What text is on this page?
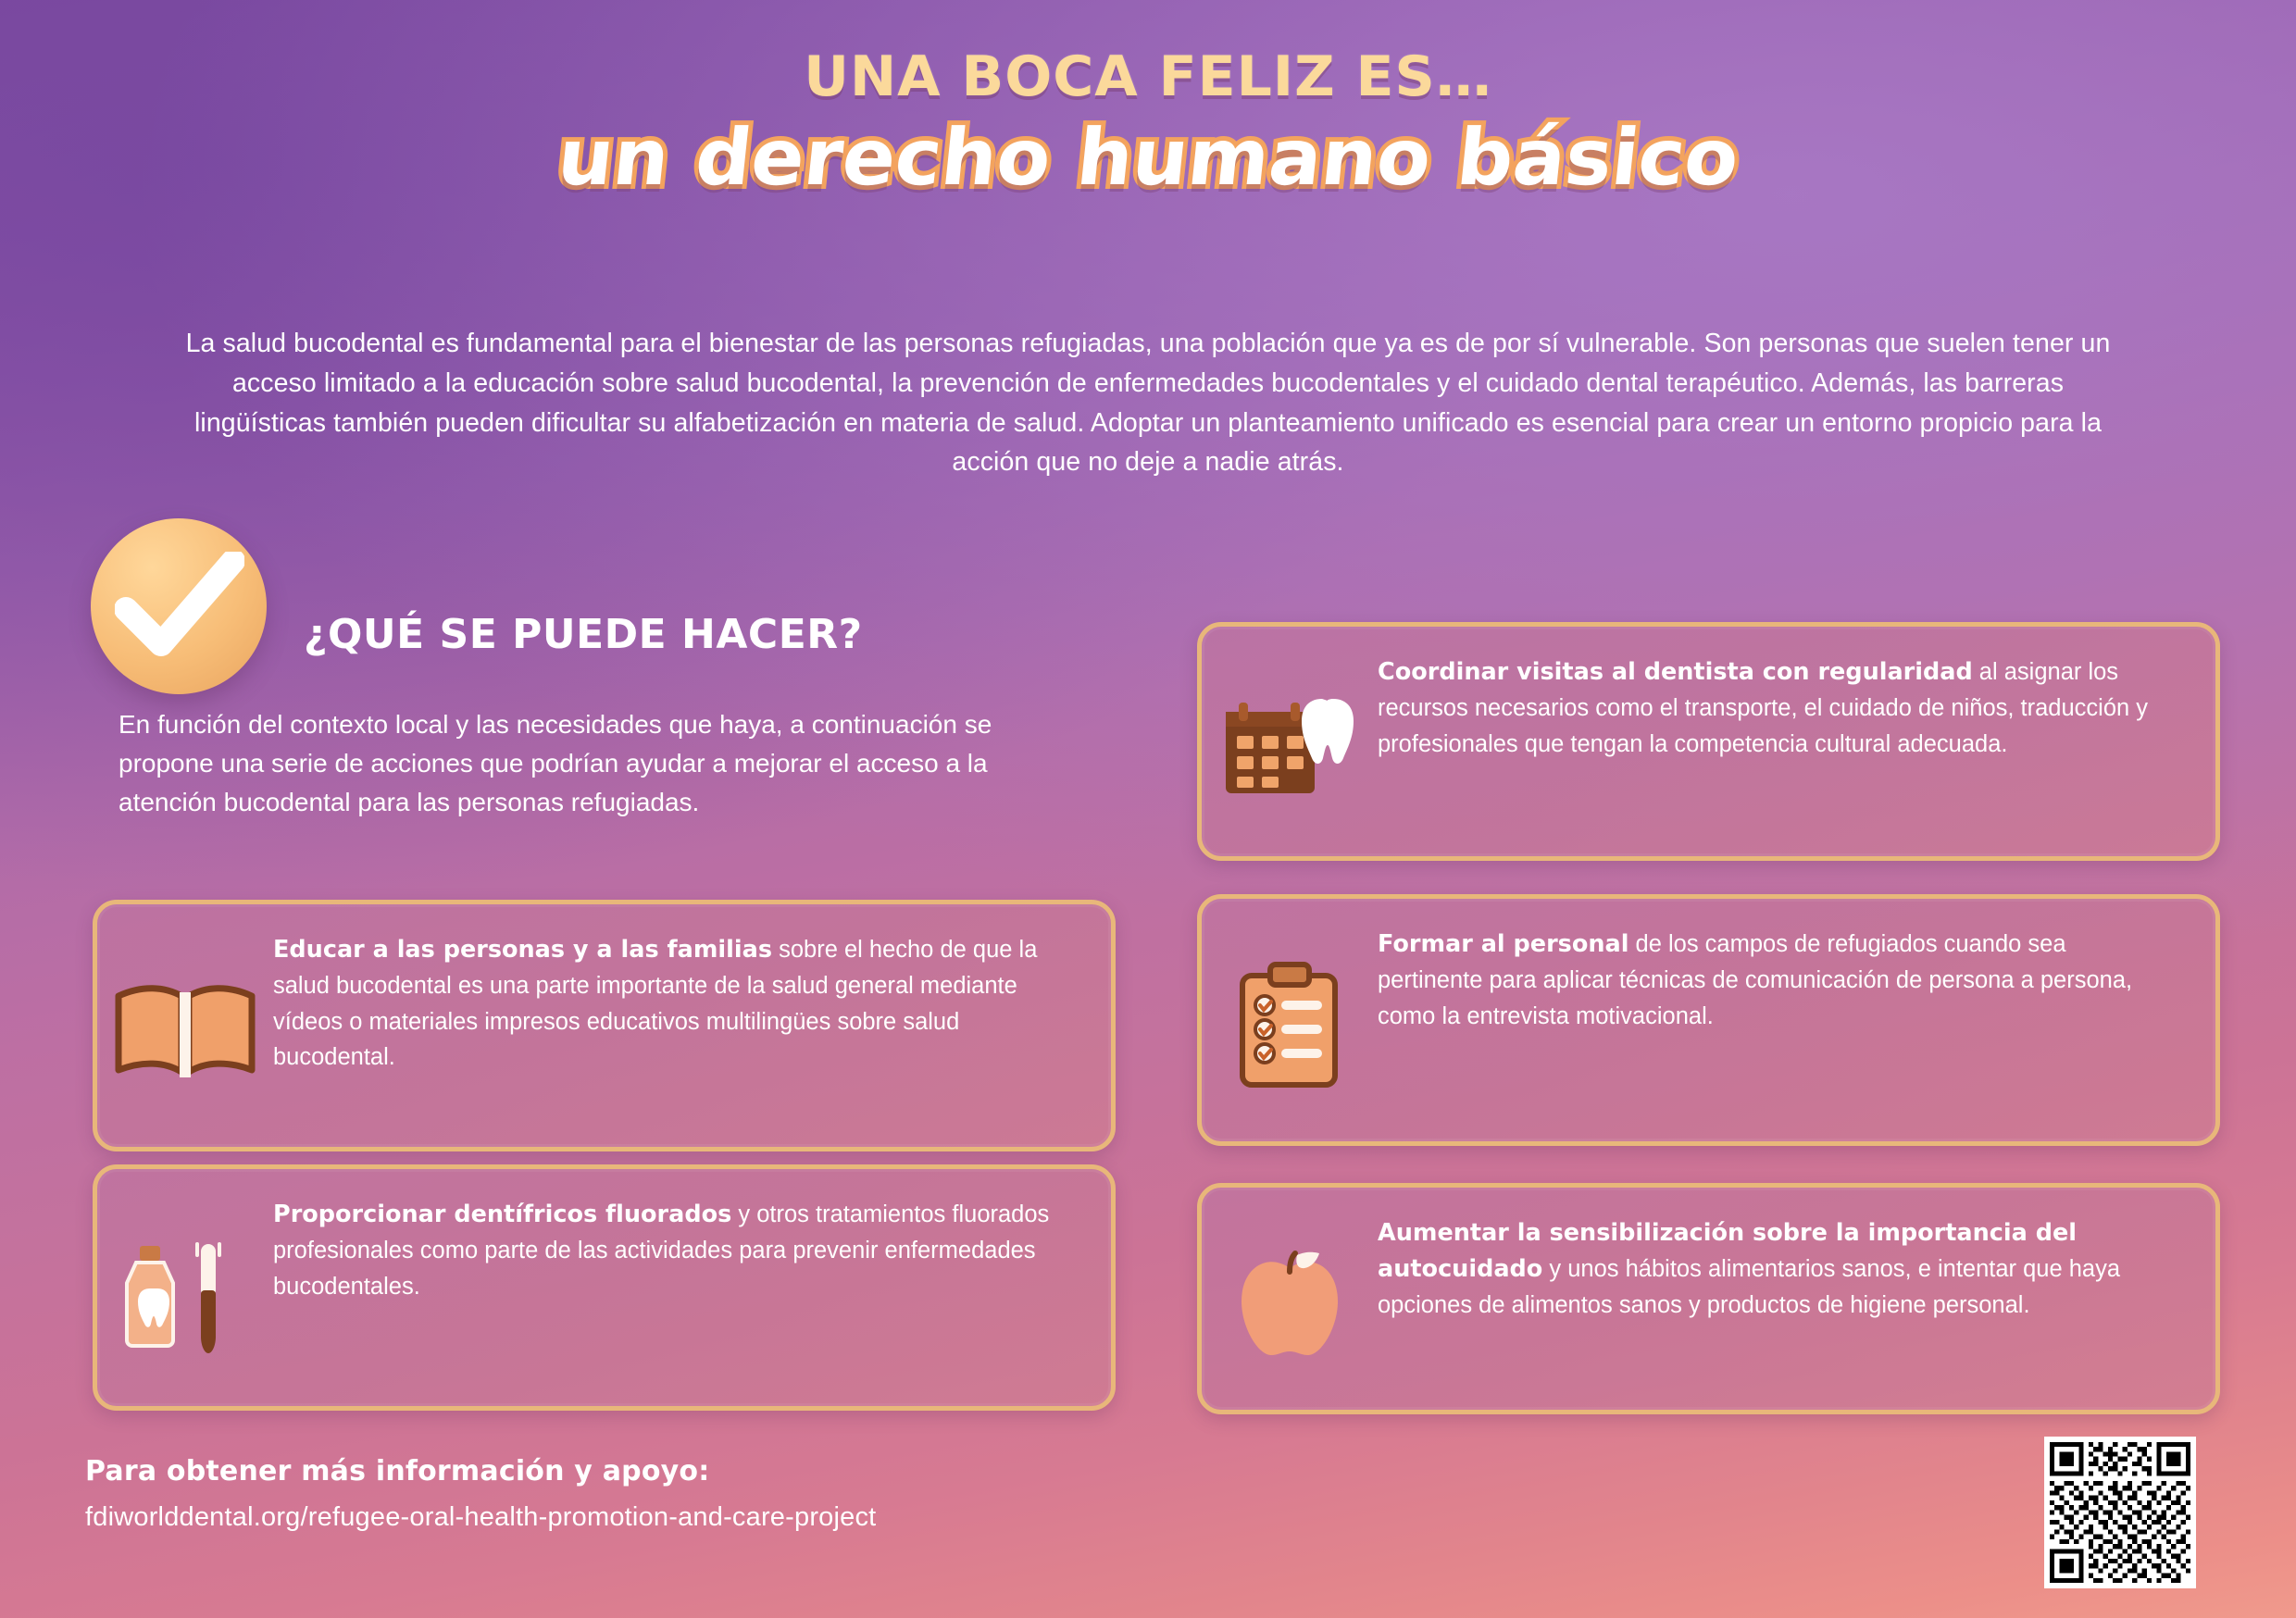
UNA BOCA FELIZ ES…
un derecho humano básico
La salud bucodental es fundamental para el bienestar de las personas refugiadas, una población que ya es de por sí vulnerable. Son personas que suelen tener un acceso limitado a la educación sobre salud bucodental, la prevención de enfermedades bucodentales y el cuidado dental terapéutico. Además, las barreras lingüísticas también pueden dificultar su alfabetización en materia de salud. Adoptar un planteamiento unificado es esencial para crear un entorno propicio para la acción que no deje a nadie atrás.
¿QUÉ SE PUEDE HACER?
En función del contexto local y las necesidades que haya, a continuación se propone una serie de acciones que podrían ayudar a mejorar el acceso a la atención bucodental para las personas refugiadas.
Coordinar visitas al dentista con regularidad al asignar los recursos necesarios como el transporte, el cuidado de niños, traducción y profesionales que tengan la competencia cultural adecuada.
Educar a las personas y a las familias sobre el hecho de que la salud bucodental es una parte importante de la salud general mediante vídeos o materiales impresos educativos multilingües sobre salud bucodental.
Formar al personal de los campos de refugiados cuando sea pertinente para aplicar técnicas de comunicación de persona a persona, como la entrevista motivacional.
Proporcionar dentífricos fluorados y otros tratamientos fluorados profesionales como parte de las actividades para prevenir enfermedades bucodentales.
Aumentar la sensibilización sobre la importancia del autocuidado y unos hábitos alimentarios sanos, e intentar que haya opciones de alimentos sanos y productos de higiene personal.
Para obtener más información y apoyo:
fdiworlddental.org/refugee-oral-health-promotion-and-care-project
